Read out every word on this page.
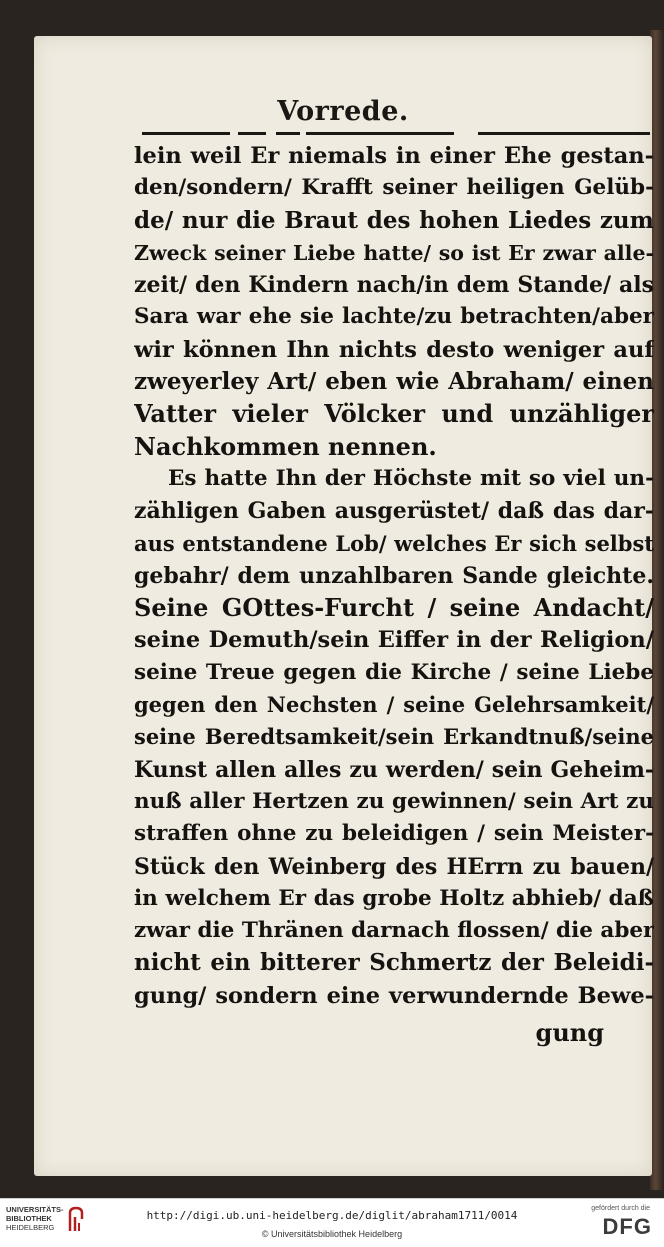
Vorrede.
lein weil Er niemals in einer Ehe gestan-
den/sondern/ Krafft seiner heiligen Gelüb-
de/ nur die Braut des hohen Liedes zum
Zweck seiner Liebe hatte/ so ist Er zwar alle-
zeit/ den Kindern nach/in dem Stande/ als
Sara war ehe sie lachte/zu betrachten/aber
wir können Ihn nichts desto weniger auf
zweyerley Art/ eben wie Abraham/ einen
Vatter vieler Völcker und unzähliger
Nachkommen nennen.
Es hatte Ihn der Höchste mit so viel un-
zähligen Gaben ausgerüstet/ daß das dar-
aus entstandene Lob/ welches Er sich selbst
gebahr/ dem unzahlbaren Sande gleichte.
Seine GOttes-Furcht / seine Andacht/
seine Demuth/sein Eiffer in der Religion/
seine Treue gegen die Kirche / seine Liebe
gegen den Nechsten / seine Gelehrsamkeit/
seine Beredtsamkeit/sein Erkandtnuß/seine
Kunst allen alles zu werden/ sein Geheim-
nuß aller Hertzen zu gewinnen/ sein Art zu
straffen ohne zu beleidigen / sein Meister-
Stück den Weinberg des HErrn zu bauen/
in welchem Er das grobe Holtz abhieb/ daß
zwar die Thränen darnach flossen/ die aber
nicht ein bitterer Schmertz der Beleidi-
gung/ sondern eine verwundernde Bewe-
gung
UNIVERSITÄTS-
BIBLIOTHEK
HEIDELBERG
http://digi.ub.uni-heidelberg.de/diglit/abraham1711/0014
© Universitätsbibliothek Heidelberg
gefördert durch die
DFG
